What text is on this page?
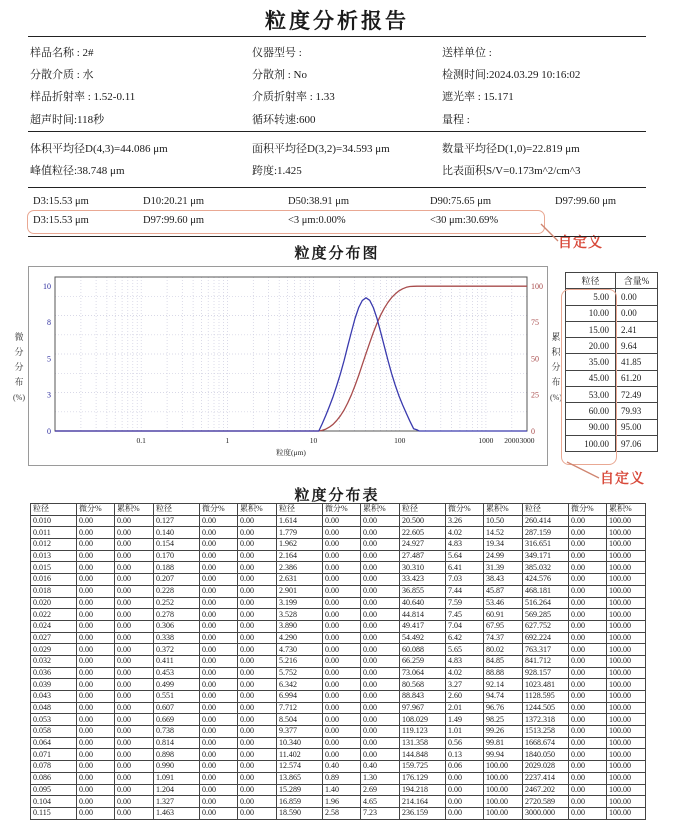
粒度分析报告
样品名称 : 2#	仪器型号 :	送样单位 :
分散介质 : 水	分散剂 : No	检测时间:2024.03.29 10:16:02
样品折射率 : 1.52-0.11	介质折射率 : 1.33	遮光率 : 15.171
超声时间:118秒	循环转速:600	量程 :
体积平均径D(4,3)=44.086 μm	面积平均径D(3,2)=34.593 μm	数量平均径D(1,0)=22.819 μm
峰值粒径:38.748 μm	跨度:1.425	比表面积S/V=0.173m^2/cm^3
D3:15.53 μm	D10:20.21 μm	D50:38.91 μm	D90:75.65 μm	D97:99.60 μm
D3:15.53 μm	D97:99.60 μm	<3 μm:0.00%	<30 μm:30.69%
自定义
粒度分布图
微
分
分
布
(%)
0
3
5
8
10
0
25
50
75
100
0.1	1	10	100	1000 2000 3000
粒度(μm)
累
积
分
布
(%)
粒径	含量%
5.00	0.00
10.00	0.00
15.00	2.41
20.00	9.64
35.00	41.85
45.00	61.20
53.00	72.49
60.00	79.93
90.00	95.00
100.00	97.06
自定义
粒度分布表
粒径	微分%	累积%	粒径	微分%	累积%	粒径	微分%	累积%	粒径	微分%	累积%	粒径	微分%	累积%
0.010	0.00	0.00	0.127	0.00	0.00	1.614	0.00	0.00	20.500	3.26	10.50	260.414	0.00	100.00
0.011	0.00	0.00	0.140	0.00	0.00	1.779	0.00	0.00	22.605	4.02	14.52	287.159	0.00	100.00
0.012	0.00	0.00	0.154	0.00	0.00	1.962	0.00	0.00	24.927	4.83	19.34	316.651	0.00	100.00
0.013	0.00	0.00	0.170	0.00	0.00	2.164	0.00	0.00	27.487	5.64	24.99	349.171	0.00	100.00
0.015	0.00	0.00	0.188	0.00	0.00	2.386	0.00	0.00	30.310	6.41	31.39	385.032	0.00	100.00
0.016	0.00	0.00	0.207	0.00	0.00	2.631	0.00	0.00	33.423	7.03	38.43	424.576	0.00	100.00
0.018	0.00	0.00	0.228	0.00	0.00	2.901	0.00	0.00	36.855	7.44	45.87	468.181	0.00	100.00
0.020	0.00	0.00	0.252	0.00	0.00	3.199	0.00	0.00	40.640	7.59	53.46	516.264	0.00	100.00
0.022	0.00	0.00	0.278	0.00	0.00	3.528	0.00	0.00	44.814	7.45	60.91	569.285	0.00	100.00
0.024	0.00	0.00	0.306	0.00	0.00	3.890	0.00	0.00	49.417	7.04	67.95	627.752	0.00	100.00
0.027	0.00	0.00	0.338	0.00	0.00	4.290	0.00	0.00	54.492	6.42	74.37	692.224	0.00	100.00
0.029	0.00	0.00	0.372	0.00	0.00	4.730	0.00	0.00	60.088	5.65	80.02	763.317	0.00	100.00
0.032	0.00	0.00	0.411	0.00	0.00	5.216	0.00	0.00	66.259	4.83	84.85	841.712	0.00	100.00
0.036	0.00	0.00	0.453	0.00	0.00	5.752	0.00	0.00	73.064	4.02	88.88	928.157	0.00	100.00
0.039	0.00	0.00	0.499	0.00	0.00	6.342	0.00	0.00	80.568	3.27	92.14	1023.481	0.00	100.00
0.043	0.00	0.00	0.551	0.00	0.00	6.994	0.00	0.00	88.843	2.60	94.74	1128.595	0.00	100.00
0.048	0.00	0.00	0.607	0.00	0.00	7.712	0.00	0.00	97.967	2.01	96.76	1244.505	0.00	100.00
0.053	0.00	0.00	0.669	0.00	0.00	8.504	0.00	0.00	108.029	1.49	98.25	1372.318	0.00	100.00
0.058	0.00	0.00	0.738	0.00	0.00	9.377	0.00	0.00	119.123	1.01	99.26	1513.258	0.00	100.00
0.064	0.00	0.00	0.814	0.00	0.00	10.340	0.00	0.00	131.358	0.56	99.81	1668.674	0.00	100.00
0.071	0.00	0.00	0.898	0.00	0.00	11.402	0.00	0.00	144.848	0.13	99.94	1840.050	0.00	100.00
0.078	0.00	0.00	0.990	0.00	0.00	12.574	0.40	0.40	159.725	0.06	100.00	2029.028	0.00	100.00
0.086	0.00	0.00	1.091	0.00	0.00	13.865	0.89	1.30	176.129	0.00	100.00	2237.414	0.00	100.00
0.095	0.00	0.00	1.204	0.00	0.00	15.289	1.40	2.69	194.218	0.00	100.00	2467.202	0.00	100.00
0.104	0.00	0.00	1.327	0.00	0.00	16.859	1.96	4.65	214.164	0.00	100.00	2720.589	0.00	100.00
0.115	0.00	0.00	1.463	0.00	0.00	18.590	2.58	7.23	236.159	0.00	100.00	3000.000	0.00	100.00
